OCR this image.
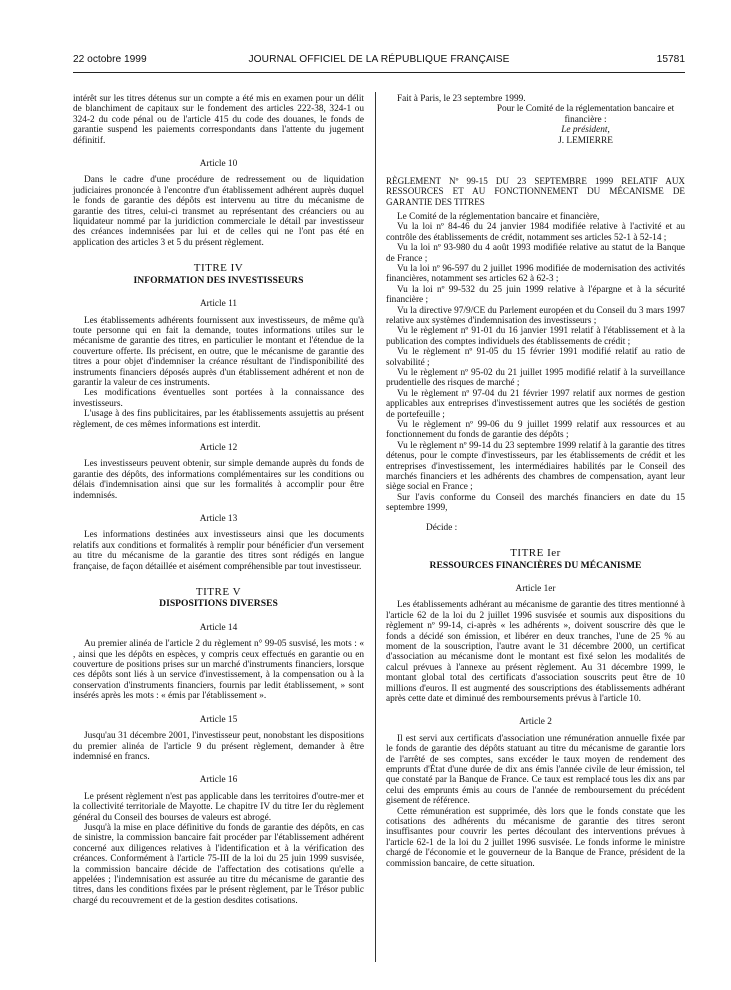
22 octobre 1999	JOURNAL OFFICIEL DE LA RÉPUBLIQUE FRANÇAISE	15781

intérêt sur les titres détenus sur un compte a été mis en examen pour un délit de blanchiment de capitaux sur le fondement des articles 222-38, 324-1 ou 324-2 du code pénal ou de l'article 415 du code des douanes, le fonds de garantie suspend les paiements correspondants dans l'attente du jugement définitif.

Article 10

Dans le cadre d'une procédure de redressement ou de liquidation judiciaires prononcée à l'encontre d'un établissement adhérent auprès duquel le fonds de garantie des dépôts est intervenu au titre du mécanisme de garantie des titres, celui-ci transmet au représentant des créanciers ou au liquidateur nommé par la juridiction commerciale le détail par investisseur des créances indemnisées par lui et de celles qui ne l'ont pas été en application des articles 3 et 5 du présent règlement.

TITRE IV
INFORMATION DES INVESTISSEURS
Article 11

Les établissements adhérents fournissent aux investisseurs, de même qu'à toute personne qui en fait la demande, toutes informations utiles sur le mécanisme de garantie des titres, en particulier le montant et l'étendue de la couverture offerte. Ils précisent, en outre, que le mécanisme de garantie des titres a pour objet d'indemniser la créance résultant de l'indisponibilité des instruments financiers déposés auprès d'un établissement adhérent et non de garantir la valeur de ces instruments.

Les modifications éventuelles sont portées à la connaissance des investisseurs.

L'usage à des fins publicitaires, par les établissements assujettis au présent règlement, de ces mêmes informations est interdit.

Article 12

Les investisseurs peuvent obtenir, sur simple demande auprès du fonds de garantie des dépôts, des informations complémentaires sur les conditions ou délais d'indemnisation ainsi que sur les formalités à accomplir pour être indemnisés.

Article 13

Les informations destinées aux investisseurs ainsi que les documents relatifs aux conditions et formalités à remplir pour bénéficier d'un versement au titre du mécanisme de la garantie des titres sont rédigés en langue française, de façon détaillée et aisément compréhensible par tout investisseur.

TITRE V
DISPOSITIONS DIVERSES
Article 14

Au premier alinéa de l'article 2 du règlement n° 99-05 susvisé, les mots : « , ainsi que les dépôts en espèces, y compris ceux effectués en garantie ou en couverture de positions prises sur un marché d'instruments financiers, lorsque ces dépôts sont liés à un service d'investissement, à la compensation ou à la conservation d'instruments financiers, fournis par ledit établissement, » sont insérés après les mots : « émis par l'établissement ».

Article 15

Jusqu'au 31 décembre 2001, l'investisseur peut, nonobstant les dispositions du premier alinéa de l'article 9 du présent règlement, demander à être indemnisé en francs.

Article 16

Le présent règlement n'est pas applicable dans les territoires d'outre-mer et la collectivité territoriale de Mayotte. Le chapitre IV du titre Ier du règlement général du Conseil des bourses de valeurs est abrogé.

Jusqu'à la mise en place définitive du fonds de garantie des dépôts, en cas de sinistre, la commission bancaire fait procéder par l'établissement adhérent concerné aux diligences relatives à l'identification et à la vérification des créances. Conformément à l'article 75-III de la loi du 25 juin 1999 susvisée, la commission bancaire décide de l'affectation des cotisations qu'elle a appelées ; l'indemnisation est assurée au titre du mécanisme de garantie des titres, dans les conditions fixées par le présent règlement, par le Trésor public chargé du recouvrement et de la gestion desdites cotisations.

Fait à Paris, le 23 septembre 1999.

Pour le Comité de la réglementation bancaire et financière :
Le président,
J. LEMIERRE
RÈGLEMENT Nº 99-15 DU 23 SEPTEMBRE 1999 RELATIF AUX RESSOURCES ET AU FONCTIONNEMENT DU MÉCANISME DE GARANTIE DES TITRES

Le Comité de la réglementation bancaire et financière,

Vu la loi nº 84-46 du 24 janvier 1984 modifiée relative à l'activité et au contrôle des établissements de crédit, notamment ses articles 52-1 à 52-14 ;

Vu la loi nº 93-980 du 4 août 1993 modifiée relative au statut de la Banque de France ;

Vu la loi nº 96-597 du 2 juillet 1996 modifiée de modernisation des activités financières, notamment ses articles 62 à 62-3 ;

Vu la loi nº 99-532 du 25 juin 1999 relative à l'épargne et à la sécurité financière ;

Vu la directive 97/9/CE du Parlement européen et du Conseil du 3 mars 1997 relative aux systèmes d'indemnisation des investisseurs ;

Vu le règlement nº 91-01 du 16 janvier 1991 relatif à l'établissement et à la publication des comptes individuels des établissements de crédit ;

Vu le règlement nº 91-05 du 15 février 1991 modifié relatif au ratio de solvabilité ;

Vu le règlement nº 95-02 du 21 juillet 1995 modifié relatif à la surveillance prudentielle des risques de marché ;

Vu le règlement nº 97-04 du 21 février 1997 relatif aux normes de gestion applicables aux entreprises d'investissement autres que les sociétés de gestion de portefeuille ;

Vu le règlement nº 99-06 du 9 juillet 1999 relatif aux ressources et au fonctionnement du fonds de garantie des dépôts ;

Vu le règlement nº 99-14 du 23 septembre 1999 relatif à la garantie des titres détenus, pour le compte d'investisseurs, par les établissements de crédit et les entreprises d'investissement, les intermédiaires habilités par le Conseil des marchés financiers et les adhérents des chambres de compensation, ayant leur siège social en France ;

Sur l'avis conforme du Conseil des marchés financiers en date du 15 septembre 1999,

Décide :
TITRE Ier
RESSOURCES FINANCIÈRES DU MÉCANISME
Article 1er

Les établissements adhérant au mécanisme de garantie des titres mentionné à l'article 62 de la loi du 2 juillet 1996 susvisée et soumis aux dispositions du règlement nº 99-14, ci-après « les adhérents », doivent souscrire dès que le fonds a décidé son émission, et libérer en deux tranches, l'une de 25 % au moment de la souscription, l'autre avant le 31 décembre 2000, un certificat d'association au mécanisme dont le montant est fixé selon les modalités de calcul prévues à l'annexe au présent règlement. Au 31 décembre 1999, le montant global total des certificats d'association souscrits peut être de 10 millions d'euros. Il est augmenté des souscriptions des établissements adhérant après cette date et diminué des remboursements prévus à l'article 10.

Article 2

Il est servi aux certificats d'association une rémunération annuelle fixée par le fonds de garantie des dépôts statuant au titre du mécanisme de garantie lors de l'arrêté de ses comptes, sans excéder le taux moyen de rendement des emprunts d'État d'une durée de dix ans émis l'année civile de leur émission, tel que constaté par la Banque de France. Ce taux est remplacé tous les dix ans par celui des emprunts émis au cours de l'année de remboursement du précédent gisement de référence.

Cette rémunération est supprimée, dès lors que le fonds constate que les cotisations des adhérents du mécanisme de garantie des titres seront insuffisantes pour couvrir les pertes découlant des interventions prévues à l'article 62-1 de la loi du 2 juillet 1996 susvisée. Le fonds informe le ministre chargé de l'économie et le gouverneur de la Banque de France, président de la commission bancaire, de cette situation.
